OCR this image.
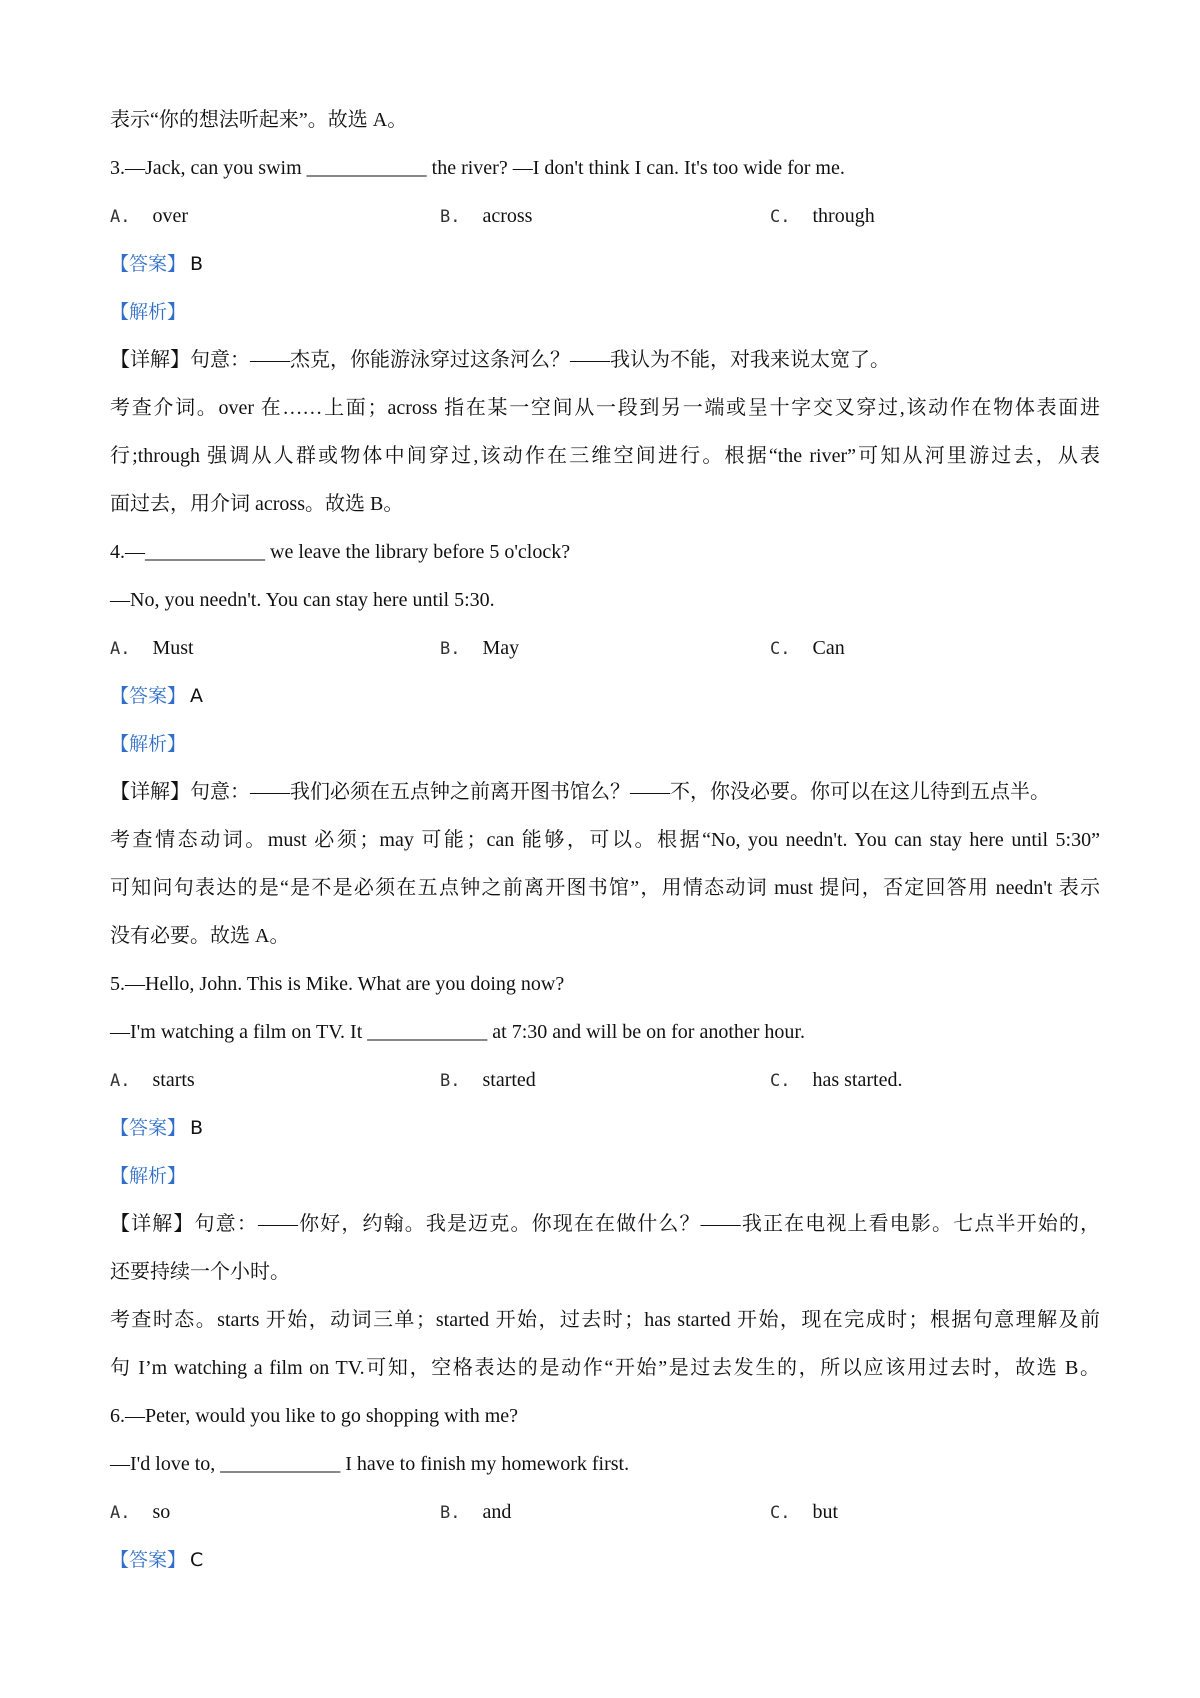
表示“你的想法听起来”。故选 A。
3.—Jack, can you swim ____________ the river? —I don't think I can. It's too wide for me.
A. over	B. across	C. through
【答案】 B
【解析】
【详解】句意：——杰克，你能游泳穿过这条河么？——我认为不能，对我来说太宽了。
考查介词。over 在……上面；across 指在某一空间从一段到另一端或呈十字交叉穿过,该动作在物体表面进
行;through 强调从人群或物体中间穿过,该动作在三维空间进行。根据“the river”可知从河里游过去，从表
面过去，用介词 across。故选 B。
4.—____________ we leave the library before 5 o'clock?
—No, you needn't. You can stay here until 5:30.
A. Must	B. May	C. Can
【答案】 A
【解析】
【详解】句意：——我们必须在五点钟之前离开图书馆么？——不，你没必要。你可以在这儿待到五点半。
考查情态动词。must 必须；may 可能；can 能够，可以。根据“No, you needn't. You can stay here until 5:30”
可知问句表达的是“是不是必须在五点钟之前离开图书馆”，用情态动词 must 提问，否定回答用 needn't 表示
没有必要。故选 A。
5.—Hello, John. This is Mike. What are you doing now?
—I'm watching a film on TV. It ____________ at 7:30 and will be on for another hour.
A. starts	B. started	C. has started.
【答案】 B
【解析】
【详解】句意：——你好，约翰。我是迈克。你现在在做什么？——我正在电视上看电影。七点半开始的，
还要持续一个小时。
考查时态。starts 开始，动词三单；started 开始，过去时；has started 开始，现在完成时；根据句意理解及前
句 I’m watching a film on TV.可知，空格表达的是动作“开始”是过去发生的，所以应该用过去时，故选 B。
6.—Peter, would you like to go shopping with me?
—I'd love to, ____________ I have to finish my homework first.
A. so	B. and	C. but
【答案】 C
